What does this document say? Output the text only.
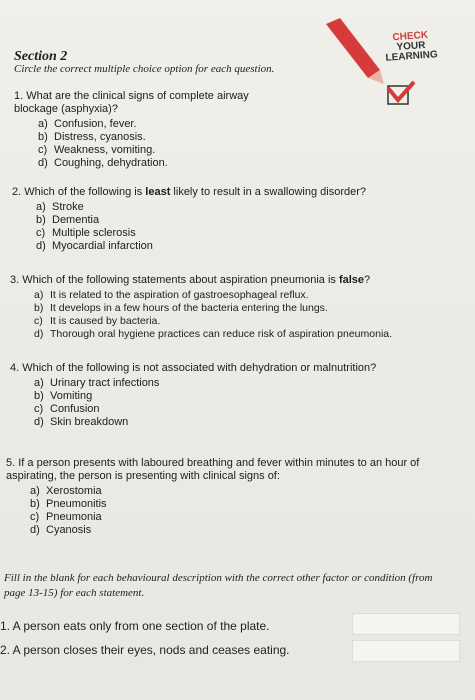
CHECK
YOUR
LEARNING
Section 2
Circle the correct multiple choice option for each question.

1. What are the clinical signs of complete airway blockage (asphyxia)?

a) Confusion, fever.
b) Distress, cyanosis.
c) Weakness, vomiting.
d) Coughing, dehydration.

2. Which of the following is least likely to result in a swallowing disorder?

a) Stroke
b) Dementia
c) Multiple sclerosis
d) Myocardial infarction

3. Which of the following statements about aspiration pneumonia is false?

a) It is related to the aspiration of gastroesophageal reflux.
b) It develops in a few hours of the bacteria entering the lungs.
c) It is caused by bacteria.
d) Thorough oral hygiene practices can reduce risk of aspiration pneumonia.

4. Which of the following is not associated with dehydration or malnutrition?

a) Urinary tract infections
b) Vomiting
c) Confusion
d) Skin breakdown

5. If a person presents with laboured breathing and fever within minutes to an hour of aspirating, the person is presenting with clinical signs of:

a) Xerostomia
b) Pneumonitis
c) Pneumonia
d) Cyanosis
Fill in the blank for each behavioural description with the correct other factor or condition (from page 13-15) for each statement.
1. A person eats only from one section of the plate.
2. A person closes their eyes, nods and ceases eating.
